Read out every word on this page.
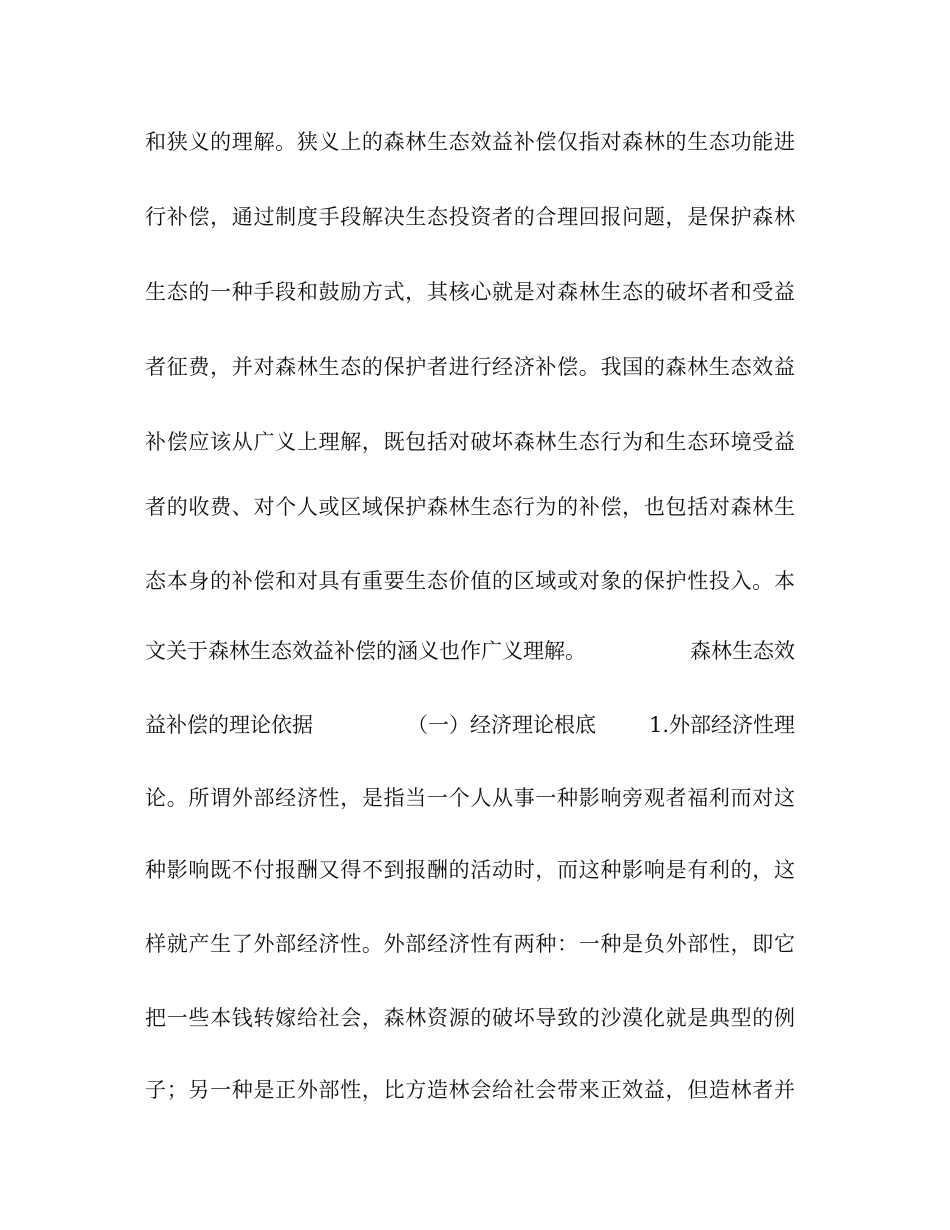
和狭义的理解。狭义上的森林生态效益补偿仅指对森林的生态功能进
行补偿，通过制度手段解决生态投资者的合理回报问题，是保护森林
生态的一种手段和鼓励方式，其核心就是对森林生态的破坏者和受益
者征费，并对森林生态的保护者进行经济补偿。我国的森林生态效益
补偿应该从广义上理解，既包括对破坏森林生态行为和生态环境受益
者的收费、对个人或区域保护森林生态行为的补偿，也包括对森林生
态本身的补偿和对具有重要生态价值的区域或对象的保护性投入。本
文关于森林生态效益补偿的涵义也作广义理解。	森林生态效
益补偿的理论依据	（一）经济理论根底	1.外部经济性理
论。所谓外部经济性，是指当一个人从事一种影响旁观者福利而对这
种影响既不付报酬又得不到报酬的活动时，而这种影响是有利的，这
样就产生了外部经济性。外部经济性有两种：一种是负外部性，即它
把一些本钱转嫁给社会，森林资源的破坏导致的沙漠化就是典型的例
子；另一种是正外部性，比方造林会给社会带来正效益，但造林者并
